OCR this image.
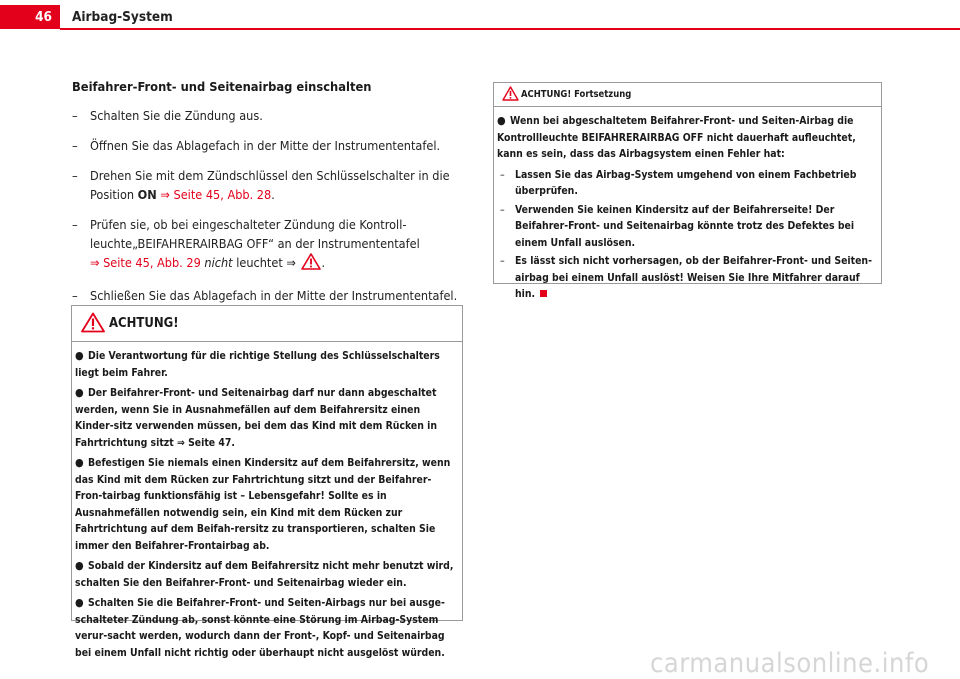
46	Airbag-System
Beifahrer-Front- und Seitenairbag einschalten
– Schalten Sie die Zündung aus.
– Öffnen Sie das Ablagefach in der Mitte der Instrumententafel.
– Drehen Sie mit dem Zündschlüssel den Schlüsselschalter in die Position ON ⇒ Seite 45, Abb. 28.
– Prüfen sie, ob bei eingeschalteter Zündung die Kontroll-leuchte„BEIFAHRERAIRBAG OFF“ an der Instrumententafel
⇒ Seite 45, Abb. 29 nicht leuchtet ⇒ .
– Schließen Sie das Ablagefach in der Mitte der Instrumententafel.
ACHTUNG!
● Die Verantwortung für die richtige Stellung des Schlüsselschalters liegt beim Fahrer.
● Der Beifahrer-Front- und Seitenairbag darf nur dann abgeschaltet werden, wenn Sie in Ausnahmefällen auf dem Beifahrersitz einen Kinder-sitz verwenden müssen, bei dem das Kind mit dem Rücken in Fahrtrichtung sitzt ⇒ Seite 47.
● Befestigen Sie niemals einen Kindersitz auf dem Beifahrersitz, wenn das Kind mit dem Rücken zur Fahrtrichtung sitzt und der Beifahrer-Fron-tairbag funktionsfähig ist – Lebensgefahr! Sollte es in Ausnahmefällen notwendig sein, ein Kind mit dem Rücken zur Fahrtrichtung auf dem Beifah-rersitz zu transportieren, schalten Sie immer den Beifahrer-Frontairbag ab.
● Sobald der Kindersitz auf dem Beifahrersitz nicht mehr benutzt wird, schalten Sie den Beifahrer-Front- und Seitenairbag wieder ein.
● Schalten Sie die Beifahrer-Front- und Seiten-Airbags nur bei ausge-schalteter Zündung ab, sonst könnte eine Störung im Airbag-System verur-sacht werden, wodurch dann der Front-, Kopf- und Seitenairbag bei einem Unfall nicht richtig oder überhaupt nicht ausgelöst würden.
ACHTUNG! Fortsetzung
● Wenn bei abgeschaltetem Beifahrer-Front- und Seiten-Airbag die Kontrollleuchte BEIFAHRERAIRBAG OFF nicht dauerhaft aufleuchtet, kann es sein, dass das Airbagsystem einen Fehler hat:
– Lassen Sie das Airbag-System umgehend von einem Fachbetrieb überprüfen.
– Verwenden Sie keinen Kindersitz auf der Beifahrerseite! Der Beifahrer-Front- und Seitenairbag könnte trotz des Defektes bei einem Unfall auslösen.
– Es lässt sich nicht vorhersagen, ob der Beifahrer-Front- und Seiten-airbag bei einem Unfall auslöst! Weisen Sie Ihre Mitfahrer darauf hin.
carmanualsonline.info
